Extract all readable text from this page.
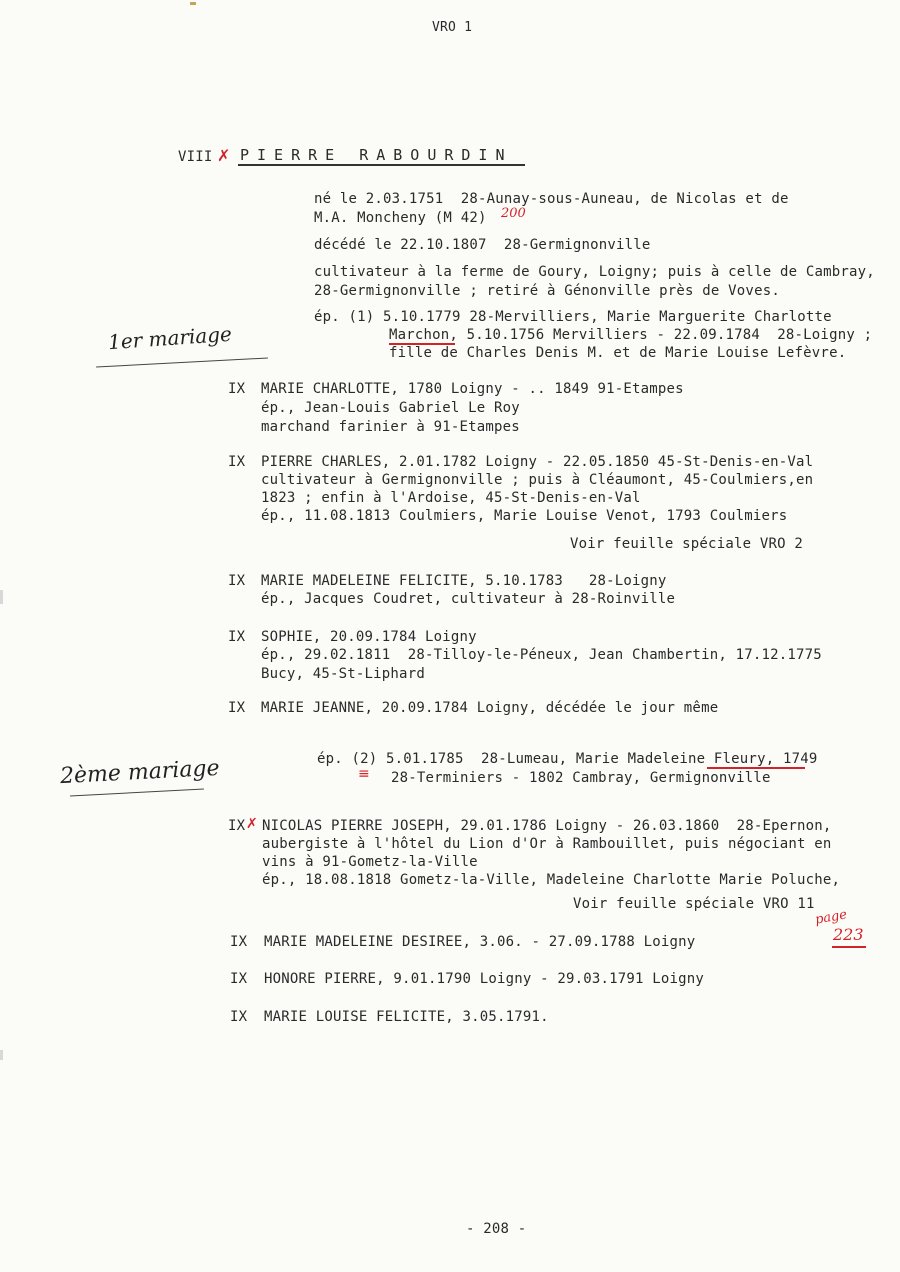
VRO 1
VIII ✗ PIERRE RABOURDIN
né le 2.03.1751  28-Aunay-sous-Auneau, de Nicolas et de
M.A. Moncheny (M 42) 200
décédé le 22.10.1807  28-Germignonville
cultivateur à la ferme de Goury, Loigny; puis à celle de Cambray,
28-Germignonville ; retiré à Génonville près de Voves.
ép. (1) 5.10.1779 28-Mervilliers, Marie Marguerite Charlotte
Marchon, 5.10.1756 Mervilliers - 22.09.1784  28-Loigny ;
fille de Charles Denis M. et de Marie Louise Lefèvre.
1er mariage
IX MARIE CHARLOTTE, 1780 Loigny - .. 1849 91-Etampes
ép., Jean-Louis Gabriel Le Roy
marchand farinier à 91-Etampes
IX PIERRE CHARLES, 2.01.1782 Loigny - 22.05.1850 45-St-Denis-en-Val
cultivateur à Germignonville ; puis à Cléaumont, 45-Coulmiers,en
1823 ; enfin à l'Ardoise, 45-St-Denis-en-Val
ép., 11.08.1813 Coulmiers, Marie Louise Venot, 1793 Coulmiers
Voir feuille spéciale VRO 2
IX MARIE MADELEINE FELICITE, 5.10.1783   28-Loigny
ép., Jacques Coudret, cultivateur à 28-Roinville
IX SOPHIE, 20.09.1784 Loigny
ép., 29.02.1811  28-Tilloy-le-Péneux, Jean Chambertin, 17.12.1775
Bucy, 45-St-Liphard
IX MARIE JEANNE, 20.09.1784 Loigny, décédée le jour même
2ème mariage	ép. (2) 5.01.1785  28-Lumeau, Marie Madeleine Fleury, 1749
≡ 28-Terminiers - 1802 Cambray, Germignonville
IX ✗ NICOLAS PIERRE JOSEPH, 29.01.1786 Loigny - 26.03.1860  28-Epernon,
aubergiste à l'hôtel du Lion d'Or à Rambouillet, puis négociant en
vins à 91-Gometz-la-Ville
ép., 18.08.1818 Gometz-la-Ville, Madeleine Charlotte Marie Poluche,
Voir feuille spéciale VRO 11
page
223
IX MARIE MADELEINE DESIREE, 3.06. - 27.09.1788 Loigny
IX HONORE PIERRE, 9.01.1790 Loigny - 29.03.1791 Loigny
IX MARIE LOUISE FELICITE, 3.05.1791.
- 208 -
